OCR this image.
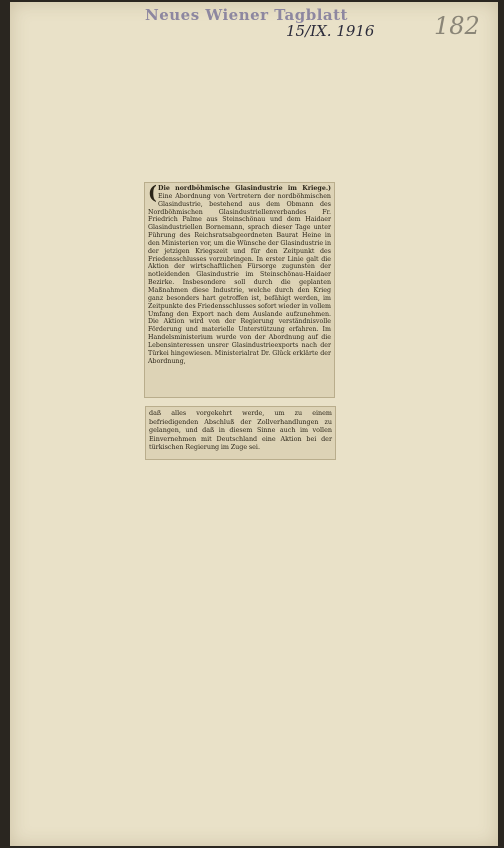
Neues Wiener Tagblatt
15/IX. 1916 182

( Die nordböhmische Glasindustrie im Kriege.) Eine Abordnung von Vertretern der nordböhmischen Glasindustrie, bestehend aus dem Obmann des Nordböhmischen Glasindustriellenverbandes Fr. Friedrich Palme aus Steinschönau und dem Haidaer Glasindustriellen Bornemann, sprach dieser Tage unter Führung des Reichsratsabgeordneten Baurat Heine in den Ministerien vor, um die Wünsche der Glasindustrie in der jetzigen Kriegszeit und für den Zeitpunkt des Friedensschlusses vorzubringen. In erster Linie galt die Aktion der wirtschaftlichen Fürsorge zugunsten der notleidenden Glasindustrie im Steinschönau-Haidaer Bezirke. Insbesondere soll durch die geplanten Maßnahmen diese Industrie, welche durch den Krieg ganz besonders hart getroffen ist, befähigt werden, im Zeitpunkte des Friedensschlusses sofort wieder in vollem Umfang den Export nach dem Auslande aufzunehmen. Die Aktion wird von der Regierung verständnisvolle Förderung und materielle Unterstützung erfahren. Im Handelsministerium wurde von der Abordnung auf die Lebensinteressen unsrer Glasindustrieexports nach der Türkei hingewiesen. Ministerialrat Dr. Glück erklärte der Abordnung,

daß alles vorgekehrt werde, um zu einem befriedigenden Abschluß der Zollverhandlungen zu gelangen, und daß in diesem Sinne auch im vollen Einvernehmen mit Deutschland eine Aktion bei der türkischen Regierung im Zuge sei.
